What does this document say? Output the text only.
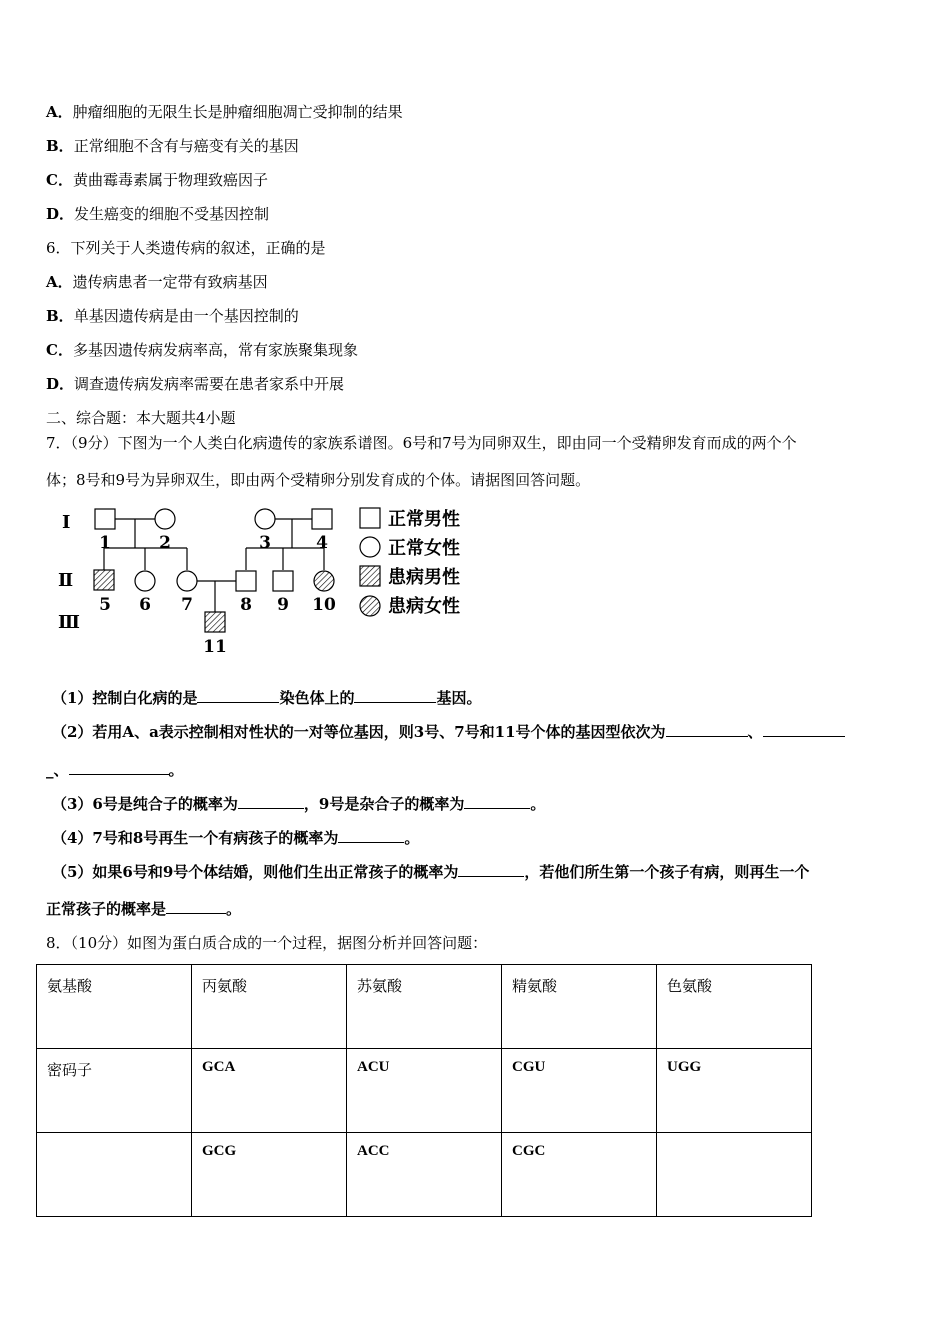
A．肿瘤细胞的无限生长是肿瘤细胞凋亡受抑制的结果
B．正常细胞不含有与癌变有关的基因
C．黄曲霉毒素属于物理致癌因子
D．发生癌变的细胞不受基因控制
6．下列关于人类遗传病的叙述，正确的是
A．遗传病患者一定带有致病基因
B．单基因遗传病是由一个基因控制的
C．多基因遗传病发病率高，常有家族聚集现象
D．调查遗传病发病率需要在患者家系中开展
二、综合题：本大题共4小题
7．（9分）下图为一个人类白化病遗传的家族系谱图。6号和7号为同卵双生，即由同一个受精卵发育而成的两个个
体；8号和9号为异卵双生，即由两个受精卵分别发育成的个体。请据图回答问题。
Ⅰ
Ⅱ
Ⅲ
1	2	3	4
5 6 7	8 9 10
11
正常男性
正常女性
患病男性
患病女性
（1）控制白化病的是	染色体上的	基因。
（2）若用A、a表示控制相对性状的一对等位基因，则3号、7号和11号个体的基因型依次为	、
_、	。
（3）6号是纯合子的概率为	，9号是杂合子的概率为	。
（4）7号和8号再生一个有病孩子的概率为	。
（5）如果6号和9号个体结婚，则他们生出正常孩子的概率为	，若他们所生第一个孩子有病，则再生一个
正常孩子的概率是	。
8．（10分）如图为蛋白质合成的一个过程，据图分析并回答问题：
氨基酸	丙氨酸	苏氨酸	精氨酸	色氨酸
密码子	GCA	ACU	CGU	UGG
	GCG	ACC	CGC	
